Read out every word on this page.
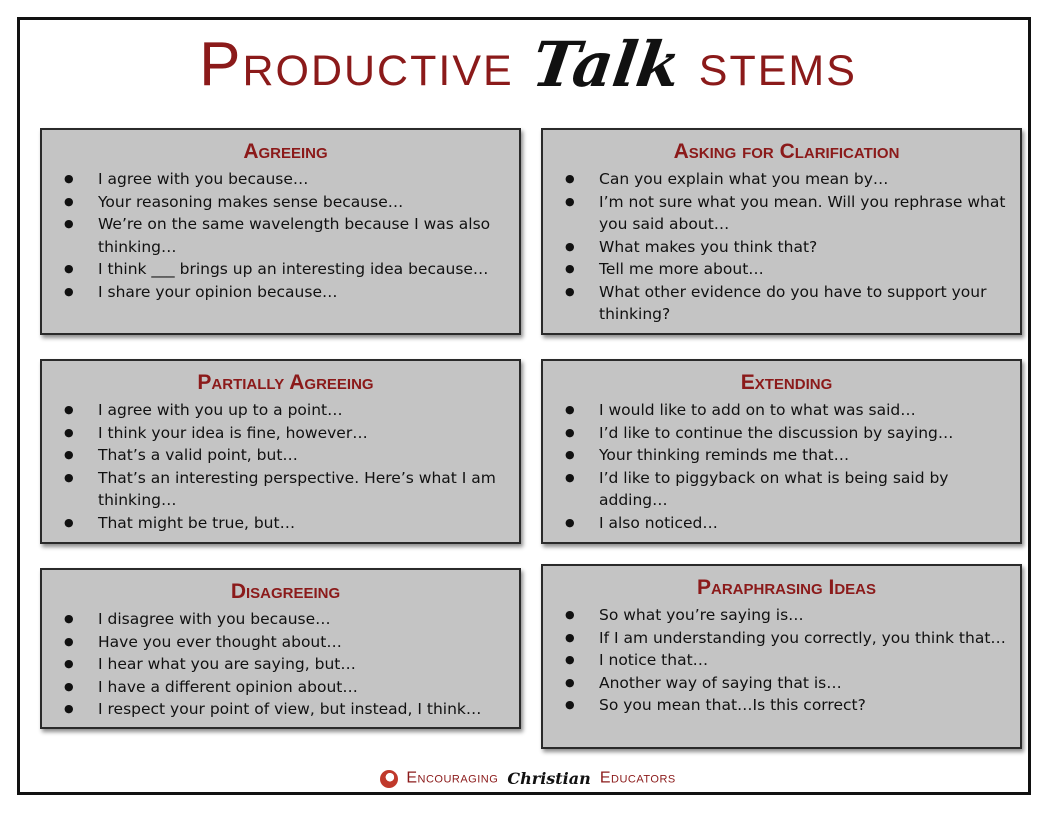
Productive Talk stems
Agreeing
● I agree with you because…
● Your reasoning makes sense because…
● We’re on the same wavelength because I was also thinking…
● I think ___ brings up an interesting idea because…
● I share your opinion because…
Asking for Clarification
● Can you explain what you mean by…
● I’m not sure what you mean. Will you rephrase what you said about…
● What makes you think that?
● Tell me more about…
● What other evidence do you have to support your thinking?
Partially Agreeing
● I agree with you up to a point…
● I think your idea is fine, however…
● That’s a valid point, but…
● That’s an interesting perspective. Here’s what I am thinking…
● That might be true, but…
Extending
● I would like to add on to what was said…
● I’d like to continue the discussion by saying…
● Your thinking reminds me that…
● I’d like to piggyback on what is being said by adding…
● I also noticed…
Disagreeing
● I disagree with you because…
● Have you ever thought about…
● I hear what you are saying, but…
● I have a different opinion about…
● I respect your point of view, but instead, I think…
Paraphrasing Ideas
● So what you’re saying is…
● If I am understanding you correctly, you think that…
● I notice that…
● Another way of saying that is…
● So you mean that…Is this correct?
Encouraging Christian Educators
